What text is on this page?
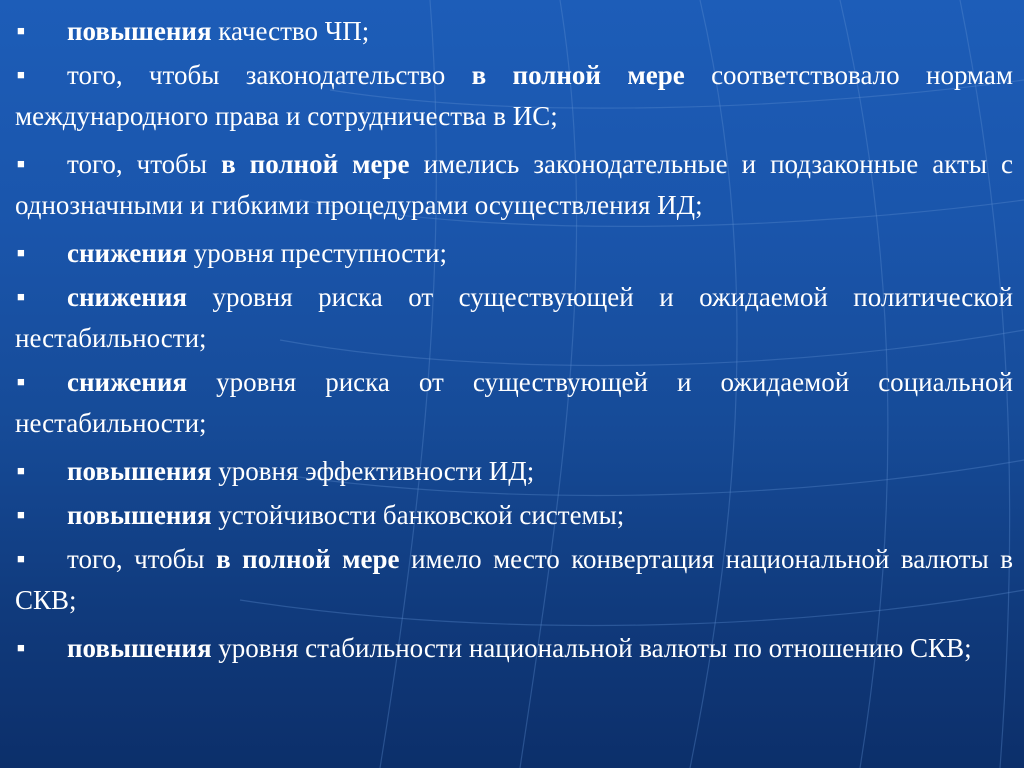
■ повышения качество ЧП;
■ того, чтобы законодательство в полной мере соответствовало нормам международного права и сотрудничества в ИС;
■ того, чтобы в полной мере имелись законодательные и подзаконные акты с однозначными и гибкими процедурами осуществления ИД;
■ снижения уровня преступности;
■ снижения уровня риска от существующей и ожидаемой политической нестабильности;
■ снижения уровня риска от существующей и ожидаемой социальной нестабильности;
■ повышения уровня эффективности ИД;
■ повышения устойчивости банковской системы;
■ того, чтобы в полной мере имело место конвертация национальной валюты в СКВ;
■ повышения уровня стабильности национальной валюты по отношению СКВ;
